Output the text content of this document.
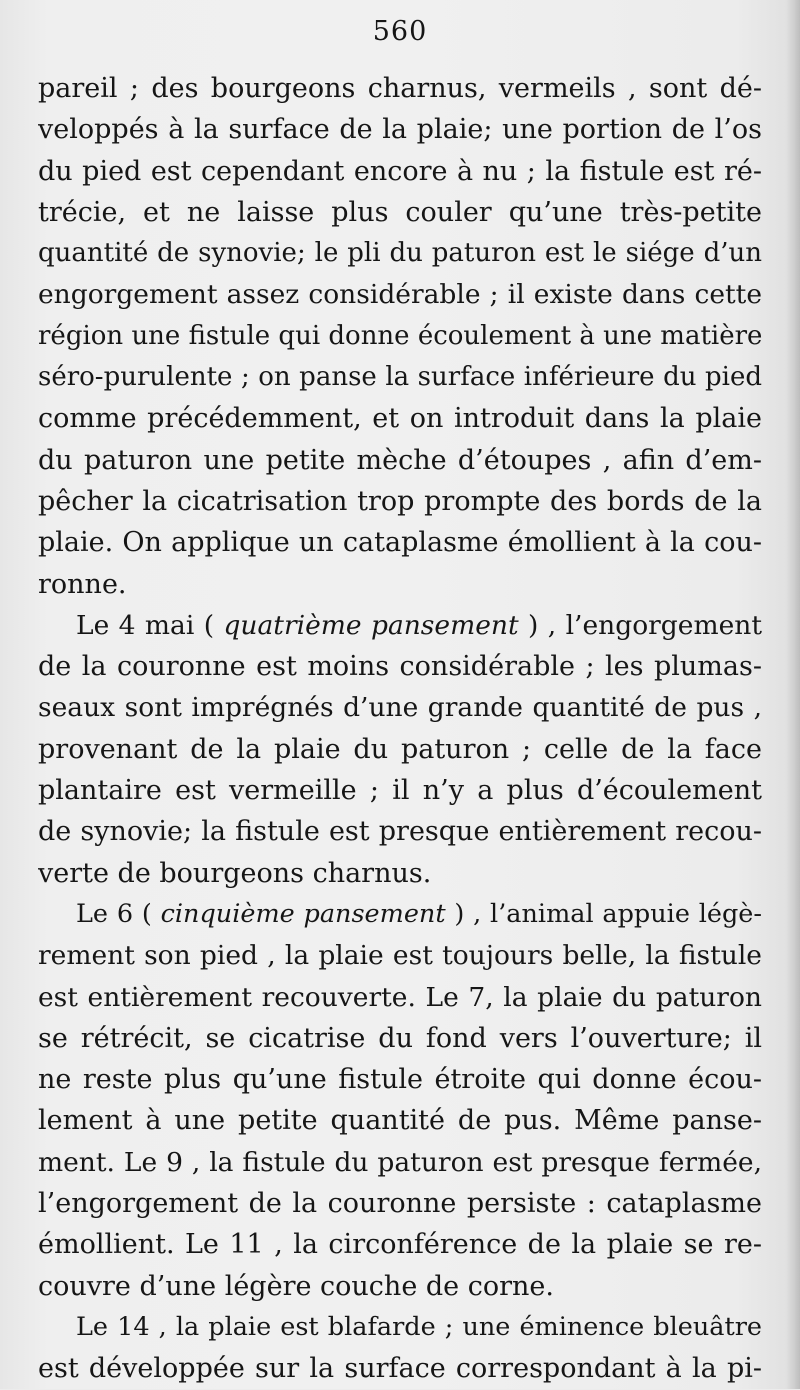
560
pareil ; des bourgeons charnus, vermeils , sont dé-
veloppés à la surface de la plaie; une portion de l’os
du pied est cependant encore à nu ; la fistule est ré-
trécie, et ne laisse plus couler qu’une très-petite
quantité de synovie; le pli du paturon est le siége d’un
engorgement assez considérable ; il existe dans cette
région une fistule qui donne écoulement à une matière
séro-purulente ; on panse la surface inférieure du pied
comme précédemment, et on introduit dans la plaie
du paturon une petite mèche d’étoupes , afin d’em-
pêcher la cicatrisation trop prompte des bords de la
plaie. On applique un cataplasme émollient à la cou-
ronne.
Le 4 mai ( quatrième pansement ) , l’engorgement
de la couronne est moins considérable ; les plumas-
seaux sont imprégnés d’une grande quantité de pus ,
provenant de la plaie du paturon ; celle de la face
plantaire est vermeille ; il n’y a plus d’écoulement
de synovie; la fistule est presque entièrement recou-
verte de bourgeons charnus.
Le 6 ( cinquième pansement ) , l’animal appuie légè-
rement son pied , la plaie est toujours belle, la fistule
est entièrement recouverte. Le 7, la plaie du paturon
se rétrécit, se cicatrise du fond vers l’ouverture; il
ne reste plus qu’une fistule étroite qui donne écou-
lement à une petite quantité de pus. Même panse-
ment. Le 9 , la fistule du paturon est presque fermée,
l’engorgement de la couronne persiste : cataplasme
émollient. Le 11 , la circonférence de la plaie se re-
couvre d’une légère couche de corne.
Le 14 , la plaie est blafarde ; une éminence bleuâtre
est développée sur la surface correspondant à la pi-
